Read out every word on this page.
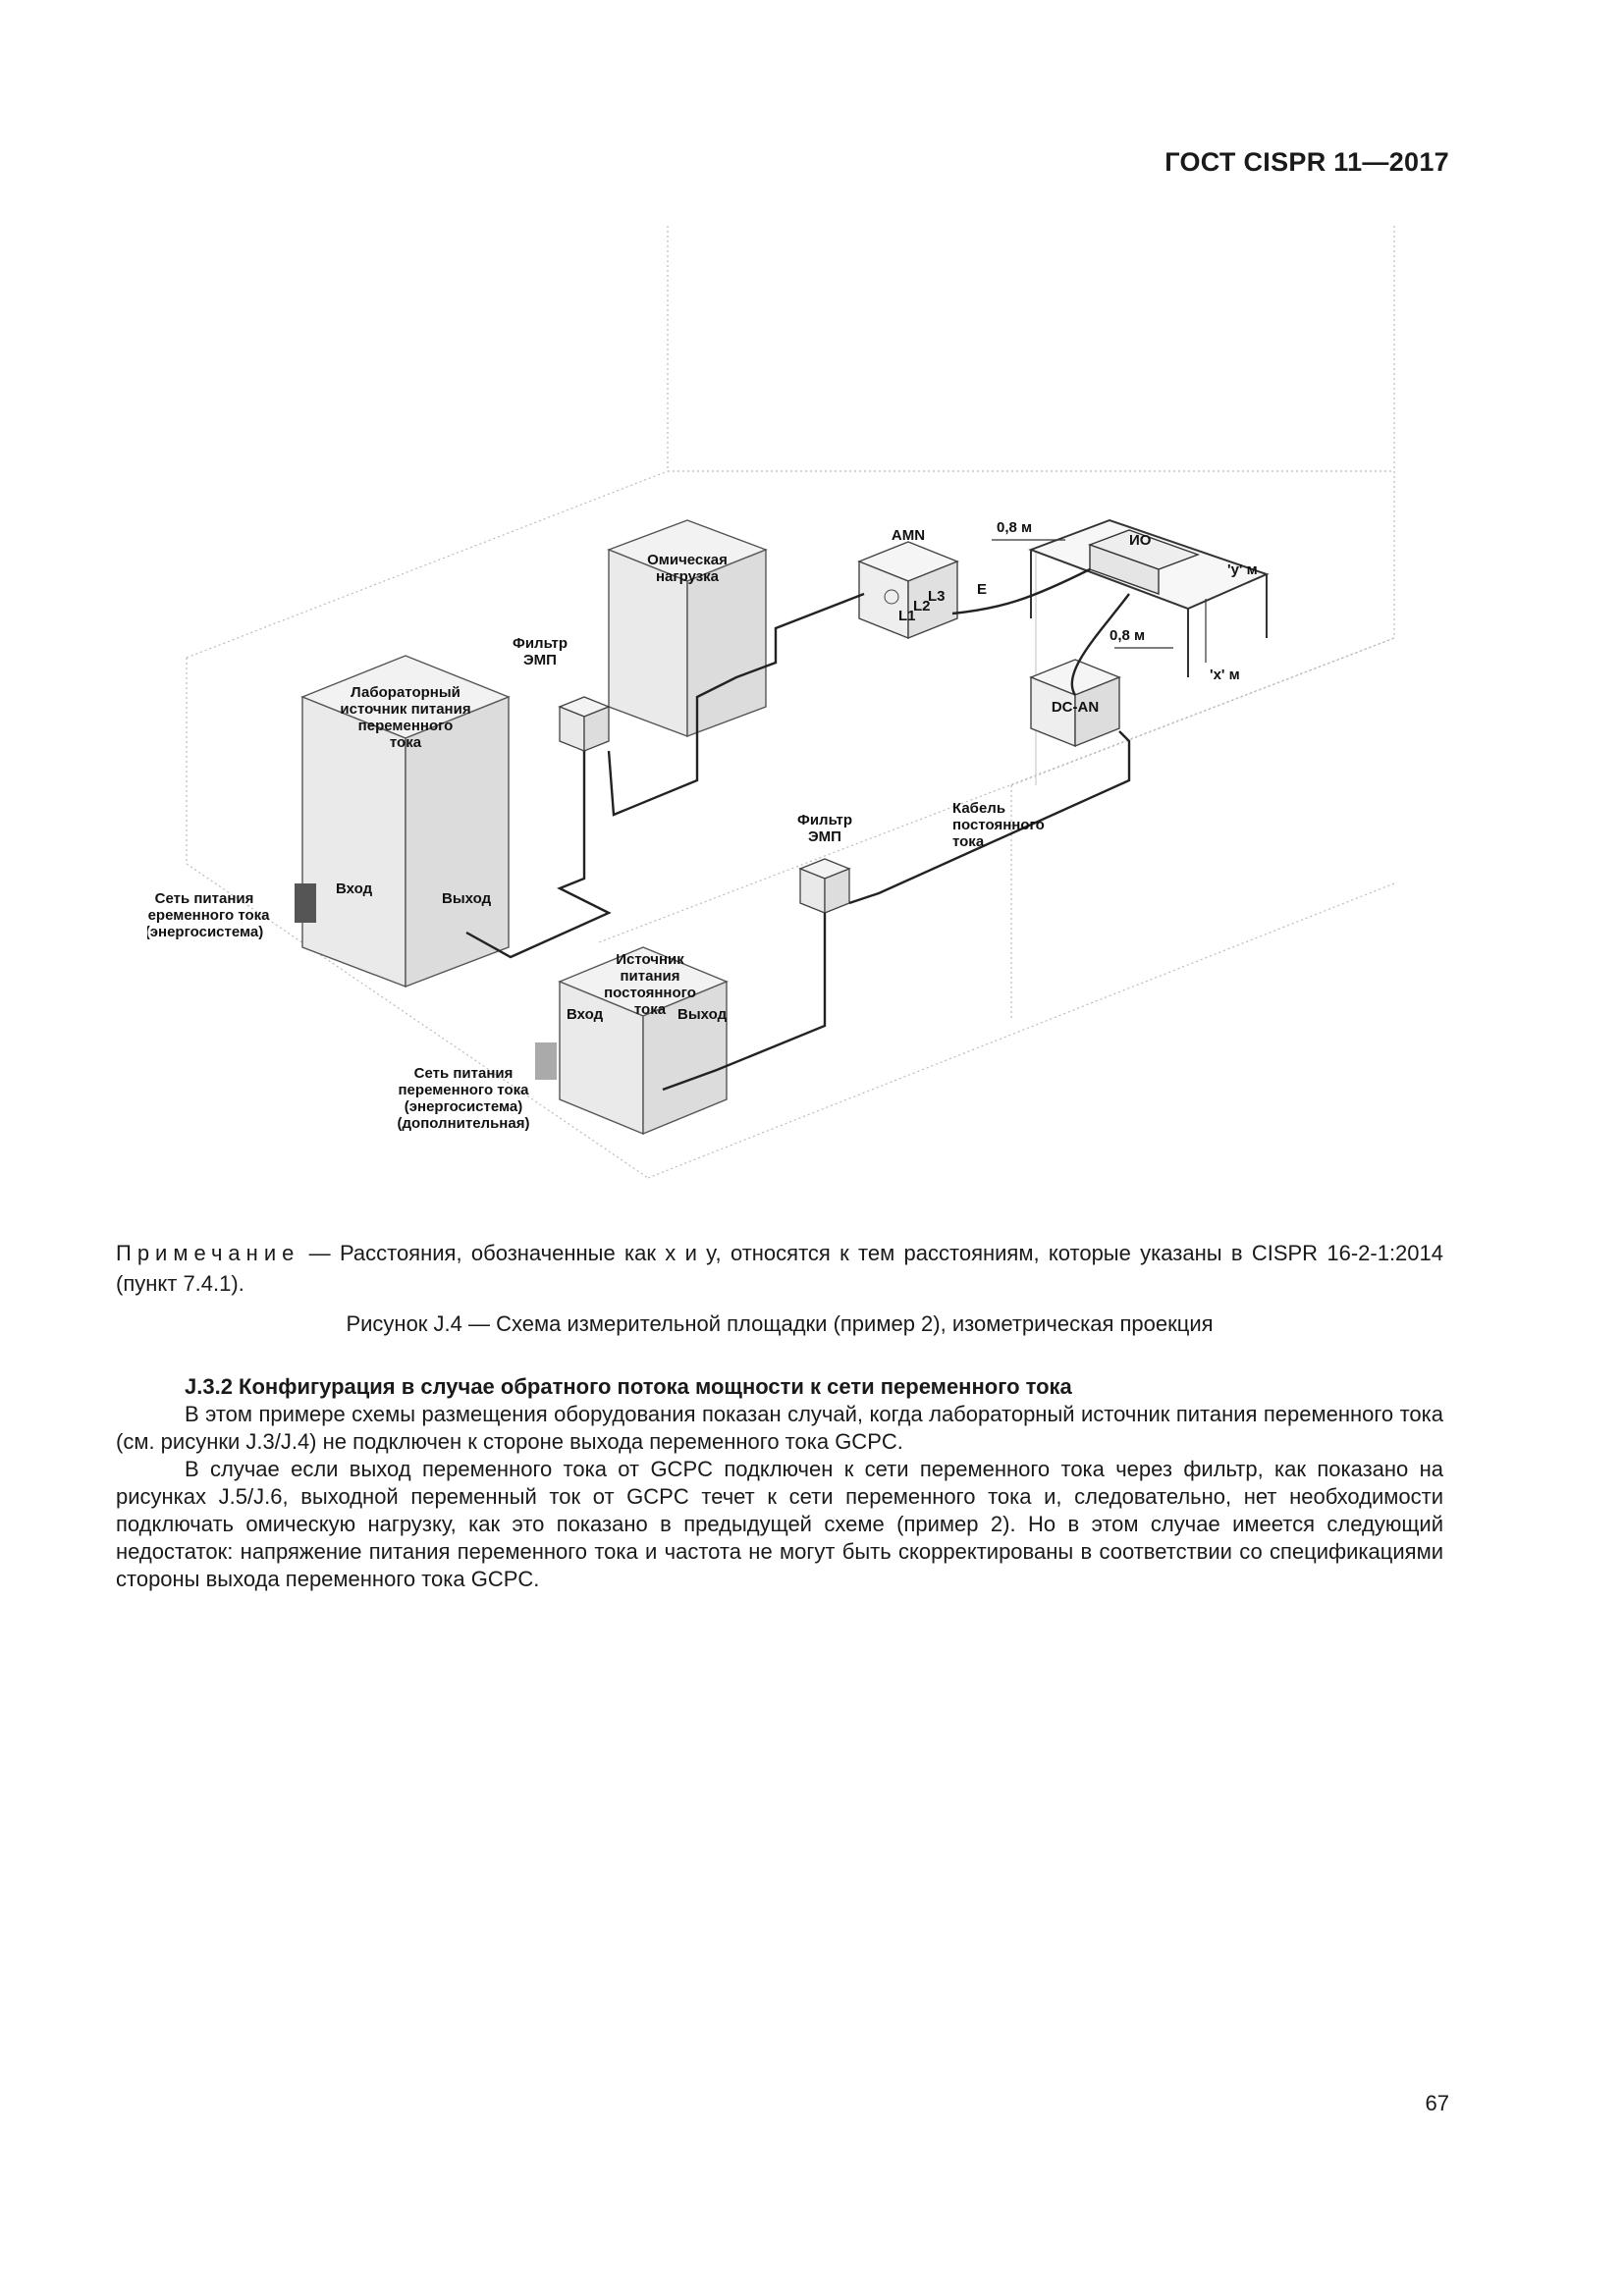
ГОСТ CISPR 11—2017
Омическая нагрузка
AMN	0,8 м
ИО
'y' м
0,8 м
'x' м
DC-AN
Фильтр ЭМП
Лабораторный источник питания переменного тока
Сеть питания переменного тока (энергосистема)
Вход
Выход
Фильтр ЭМП
Кабель постоянного тока
Источник питания постоянного тока
Вход	Выход
Сеть питания переменного тока (энергосистема) (дополнительная)
E
L3
L2
L1
Примечание — Расстояния, обозначенные как x и y, относятся к тем расстояниям, которые указаны в CISPR 16-2-1:2014 (пункт 7.4.1).
Рисунок J.4 — Схема измерительной площадки (пример 2), изометрическая проекция
J.3.2 Конфигурация в случае обратного потока мощности к сети переменного тока

В этом примере схемы размещения оборудования показан случай, когда лабораторный источник питания переменного тока (см. рисунки J.3/J.4) не подключен к стороне выхода переменного тока GCPC.

В случае если выход переменного тока от GCPC подключен к сети переменного тока через фильтр, как показано на рисунках J.5/J.6, выходной переменный ток от GCPC течет к сети переменного тока и, следовательно, нет необходимости подключать омическую нагрузку, как это показано в предыдущей схеме (пример 2). Но в этом случае имеется следующий недостаток: напряжение питания переменного тока и частота не могут быть скорректированы в соответствии со спецификациями стороны выхода переменного тока GCPC.

67
